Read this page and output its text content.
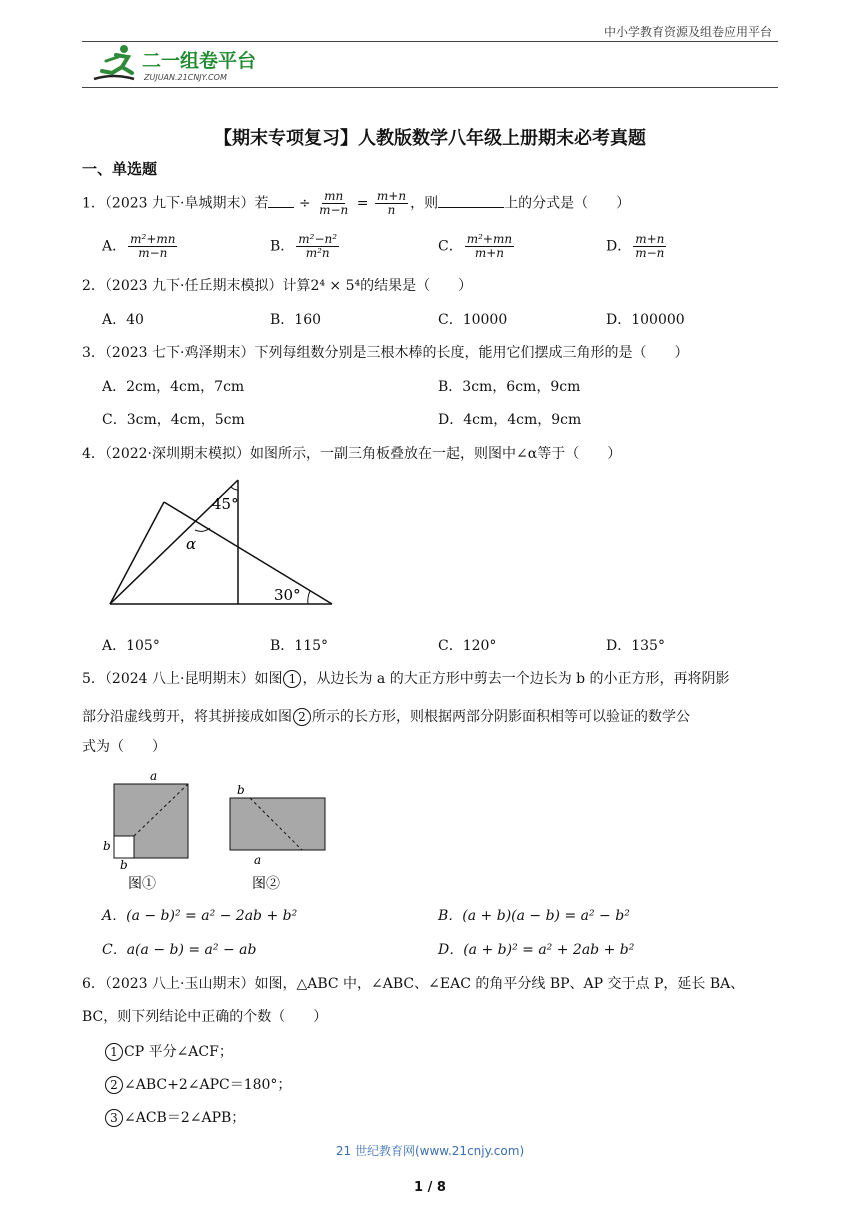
中小学教育资源及组卷应用平台
二一组卷平台
ZUJUAN.21CNJY.COM
【期末专项复习】人教版数学八年级上册期末必考真题
一、单选题
1．（2023 九下·阜城期末）若 ÷ $\frac{mn}{m-n} = \frac{m+n}{n}$ ，则	上的分式是（　　）
A． $\frac{\text{m²+mn}}{m-n}$	B． $\frac{\text{m²−n²}}{\text{m²n}}$	C． $\frac{\text{m²+mn}}{m+n}$	D． $\frac{m+n}{m-n}$
2．（2023 九下·任丘期末模拟）计算2⁴ × 5⁴的结果是（　　）
A．40	B．160	C．10000	D．100000
3．（2023 七下·鸡泽期末）下列每组数分别是三根木棒的长度，能用它们摆成三角形的是（　　）
A．2cm，4cm，7cm	B．3cm，6cm，9cm
C．3cm，4cm，5cm	D．4cm，4cm，9cm
4．（2022·深圳期末模拟）如图所示，一副三角板叠放在一起，则图中∠α等于（　　）
45°
α
30°
A．105°	B．115°	C．120°	D．135°
5．（2024 八上·昆明期末）如图 1 ，从边长为 a 的大正方形中剪去一个边长为 b 的小正方形，再将阴影
部分沿虚线剪开，将其拼接成如图 2 所示的长方形，则根据两部分阴影面积相等可以验证的数学公
式为（　　）
a
b
b
图①
b
a
图②
A．(a − b)² = a² − 2ab + b²	B．(a + b)(a − b) = a² − b²
C．a(a − b) = a² − ab	D．(a + b)² = a² + 2ab + b²
6．（2023 八上·玉山期末）如图，△ABC 中，∠ABC、∠EAC 的角平分线 BP、AP 交于点 P，延长 BA、
BC，则下列结论中正确的个数（　　）
1 CP 平分∠ACF；
2 ∠ABC+2∠APC＝180°；
3 ∠ACB＝2∠APB；
21 世纪教育网(www.21cnjy.com)
1 / 8
